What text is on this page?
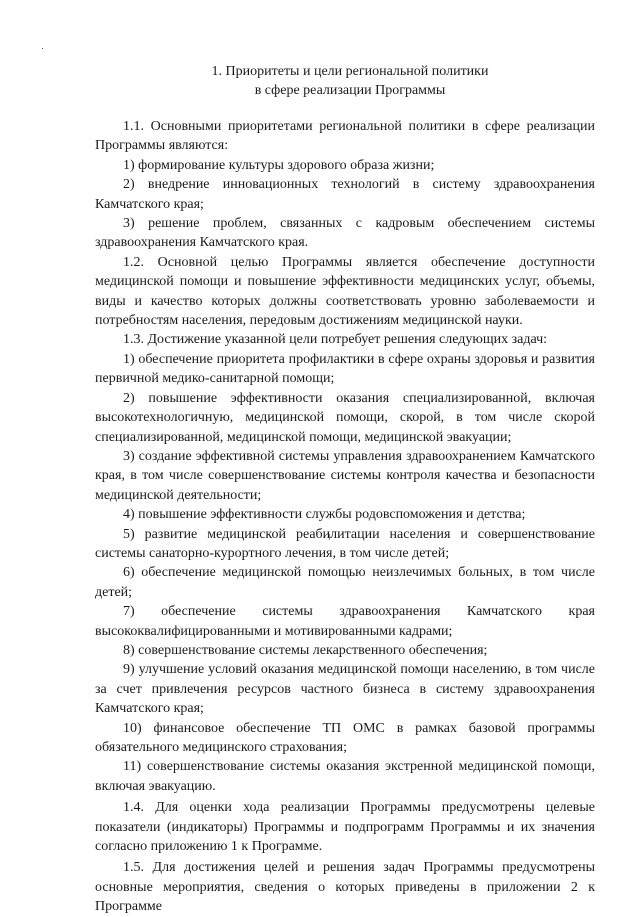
1. Приоритеты и цели региональной политики
в сфере реализации Программы

1.1. Основными приоритетами региональной политики в сфере реализации Программы являются:

1) формирование культуры здорового образа жизни;

2) внедрение инновационных технологий в систему здравоохранения Камчатского края;

3) решение проблем, связанных с кадровым обеспечением системы здравоохранения Камчатского края.

1.2. Основной целью Программы является обеспечение доступности медицинской помощи и повышение эффективности медицинских услуг, объемы, виды и качество которых должны соответствовать уровню заболеваемости и потребностям населения, передовым достижениям медицинской науки.

1.3. Достижение указанной цели потребует решения следующих задач:

1) обеспечение приоритета профилактики в сфере охраны здоровья и развития первичной медико-санитарной помощи;

2) повышение эффективности оказания специализированной, включая высокотехнологичную, медицинской помощи, скорой, в том числе скорой специализированной, медицинской помощи, медицинской эвакуации;

3) создание эффективной системы управления здравоохранением Камчатского края, в том числе совершенствование системы контроля качества и безопасности медицинской деятельности;

4) повышение эффективности службы родовспоможения и детства;

5) развитие медицинской реабилитации населения и совершенствование системы санаторно-курортного лечения, в том числе детей;

6) обеспечение медицинской помощью неизлечимых больных, в том числе детей;

7) обеспечение системы здравоохранения Камчатского края высококвалифицированными и мотивированными кадрами;

8) совершенствование системы лекарственного обеспечения;

9) улучшение условий оказания медицинской помощи населению, в том числе за счет привлечения ресурсов частного бизнеса в систему здравоохранения Камчатского края;

10) финансовое обеспечение ТП ОМС в рамках базовой программы обязательного медицинского страхования;

11) совершенствование системы оказания экстренной медицинской помощи, включая эвакуацию.

1.4. Для оценки хода реализации Программы предусмотрены целевые показатели (индикаторы) Программы и подпрограмм Программы и их значения согласно приложению 1 к Программе.

1.5. Для достижения целей и решения задач Программы предусмотрены основные мероприятия, сведения о которых приведены в приложении 2 к Программе
